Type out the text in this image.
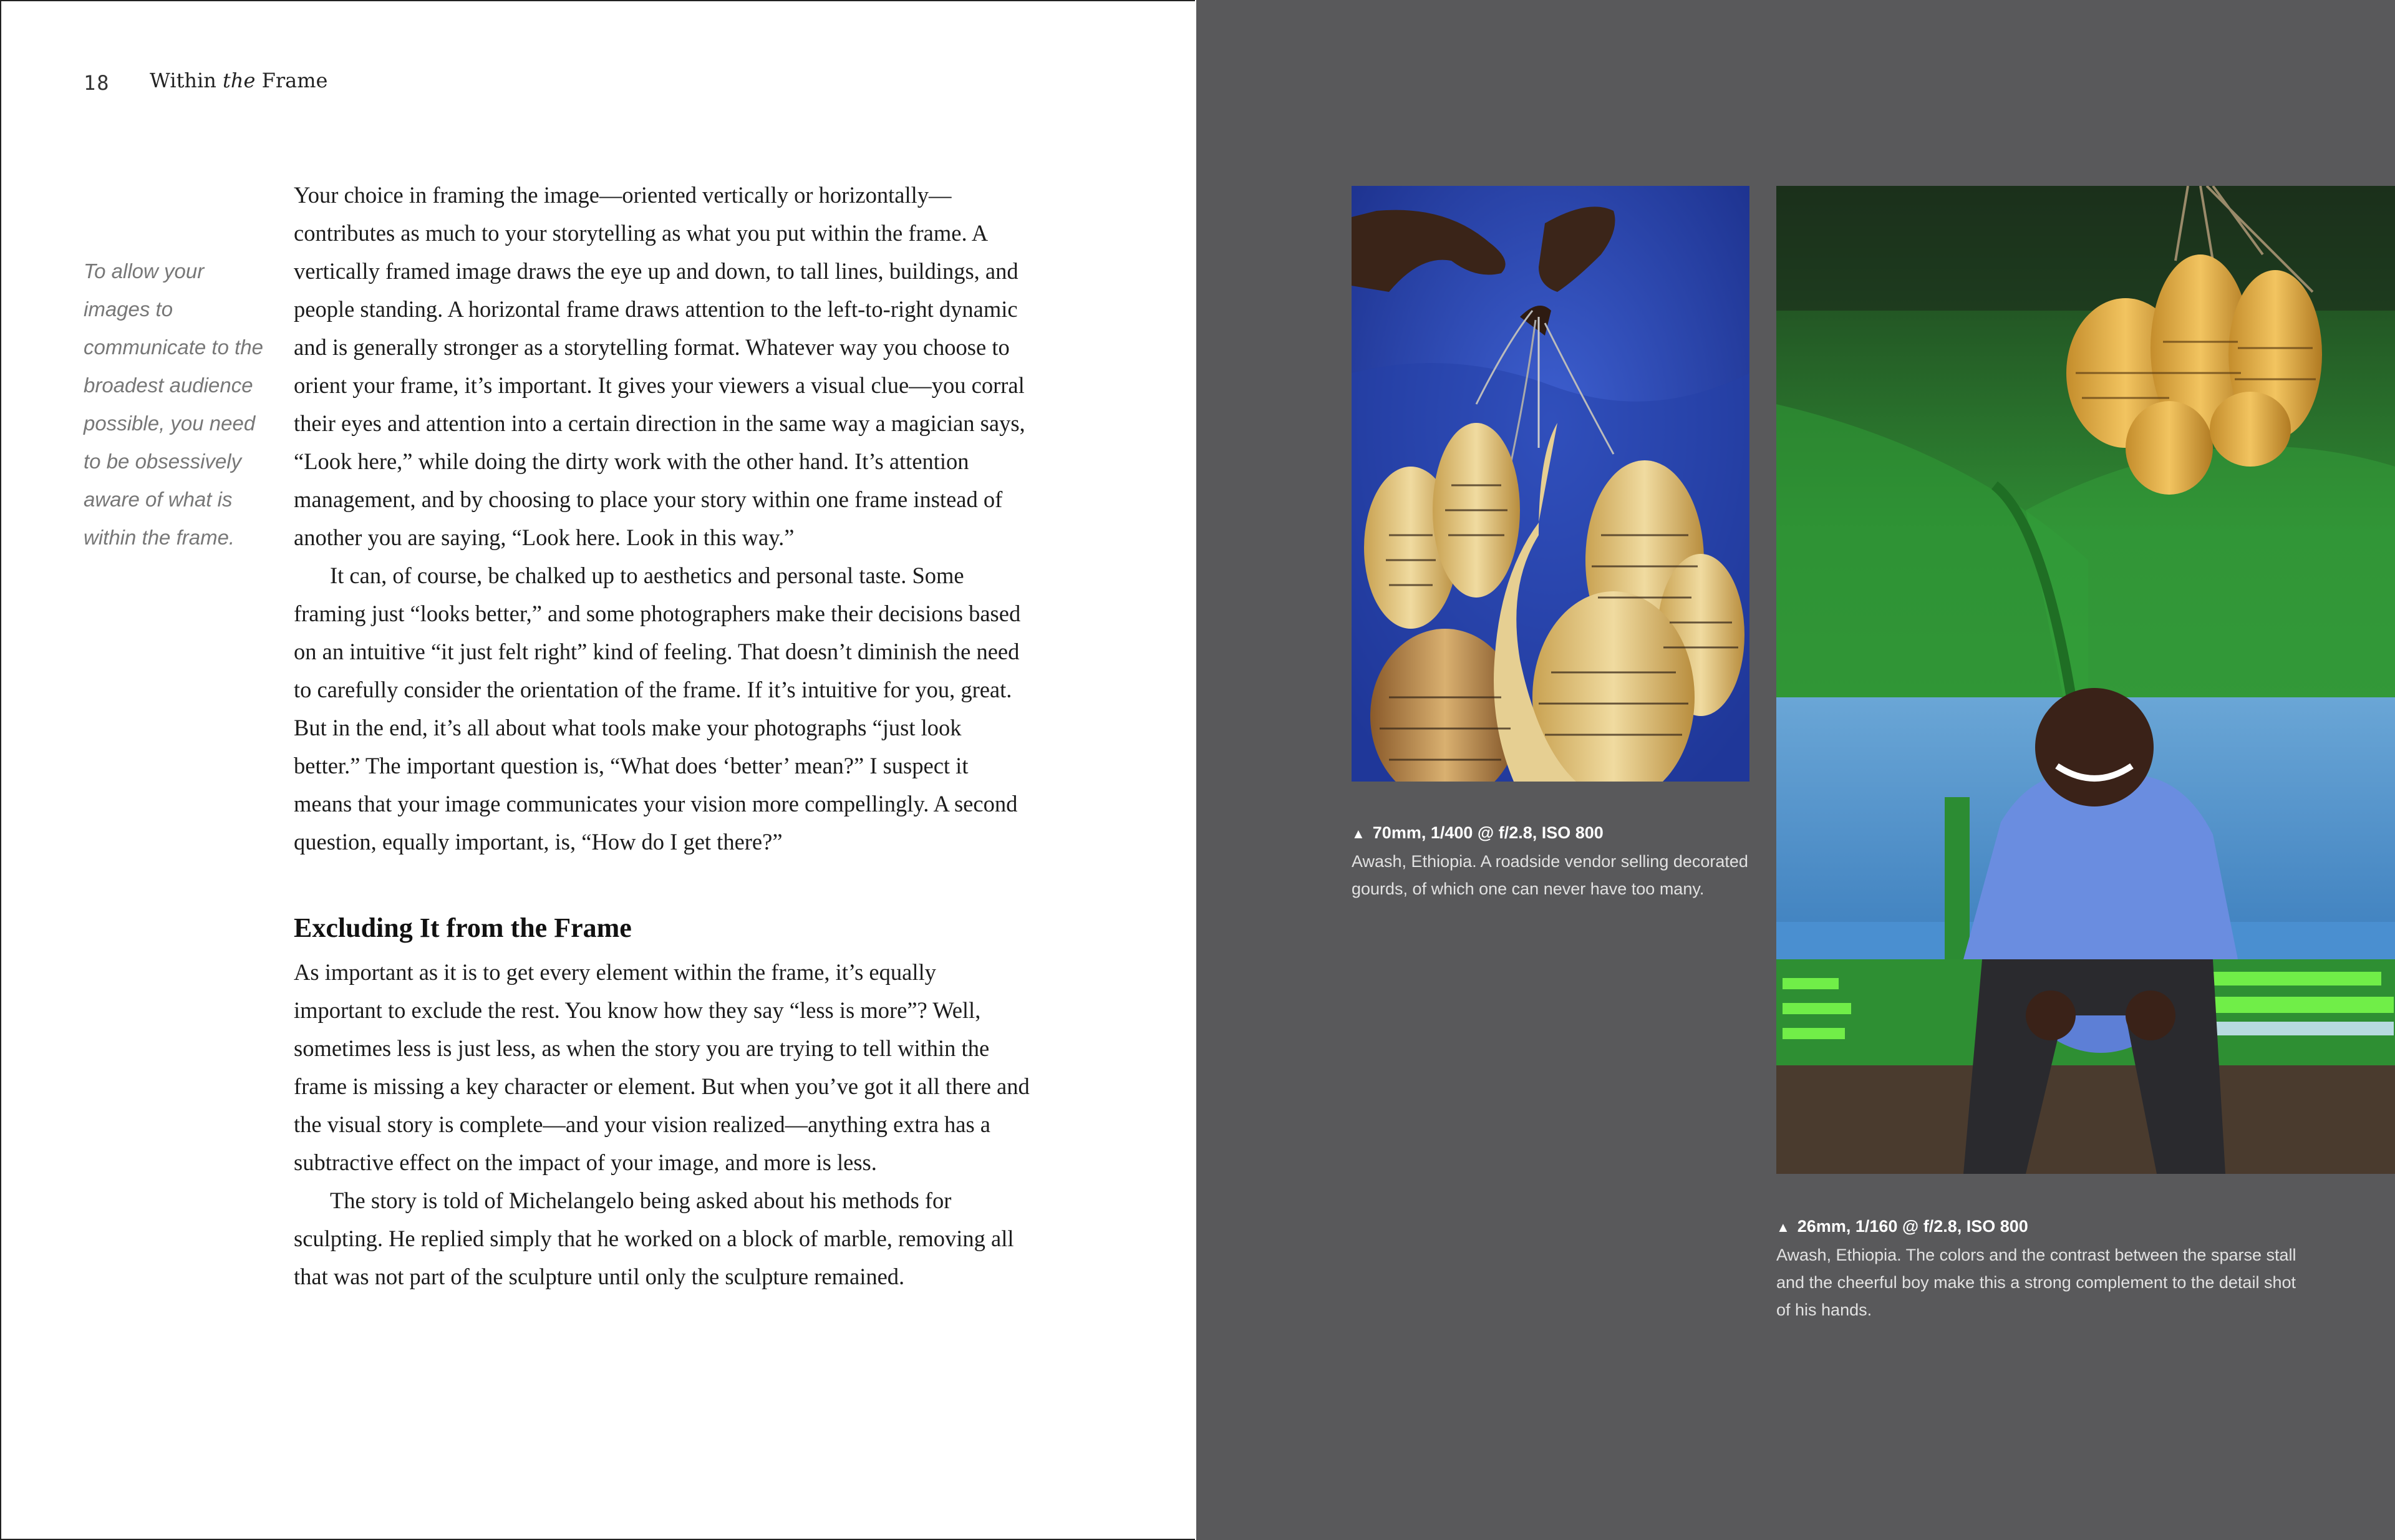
18 Within the Frame

To allow your images to communicate to the broadest audience possible, you need to be obsessively aware of what is within the frame.

Your choice in framing the image—oriented vertically or horizontally—contributes as much to your storytelling as what you put within the frame. A vertically framed image draws the eye up and down, to tall lines, buildings, and people standing. A horizontal frame draws attention to the left-to-right dynamic and is generally stronger as a storytelling format. Whatever way you choose to orient your frame, it’s important. It gives your viewers a visual clue—you corral their eyes and attention into a certain direction in the same way a magician says, “Look here,” while doing the dirty work with the other hand. It’s attention management, and by choosing to place your story within one frame instead of another you are saying, “Look here. Look in this way.”

It can, of course, be chalked up to aesthetics and personal taste. Some framing just “looks better,” and some photographers make their decisions based on an intuitive “it just felt right” kind of feeling. That doesn’t diminish the need to carefully consider the orientation of the frame. If it’s intuitive for you, great. But in the end, it’s all about what tools make your photographs “just look better.” The important question is, “What does ‘better’ mean?” I suspect it means that your image communicates your vision more compellingly. A second question, equally important, is, “How do I get there?”

Excluding It from the Frame

As important as it is to get every element within the frame, it’s equally important to exclude the rest. You know how they say “less is more”? Well, sometimes less is just less, as when the story you are trying to tell within the frame is missing a key character or element. But when you’ve got it all there and the visual story is complete—and your vision realized—anything extra has a subtractive effect on the impact of your image, and more is less.

The story is told of Michelangelo being asked about his methods for sculpting. He replied simply that he worked on a block of marble, removing all that was not part of the sculpture until only the sculpture remained.

▲ 70mm, 1/400 @ f/2.8, ISO 800
Awash, Ethiopia. A roadside vendor selling decorated gourds, of which one can never have too many.
▲ 26mm, 1/160 @ f/2.8, ISO 800
Awash, Ethiopia. The colors and the contrast between the sparse stall and the cheerful boy make this a strong complement to the detail shot of his hands.
